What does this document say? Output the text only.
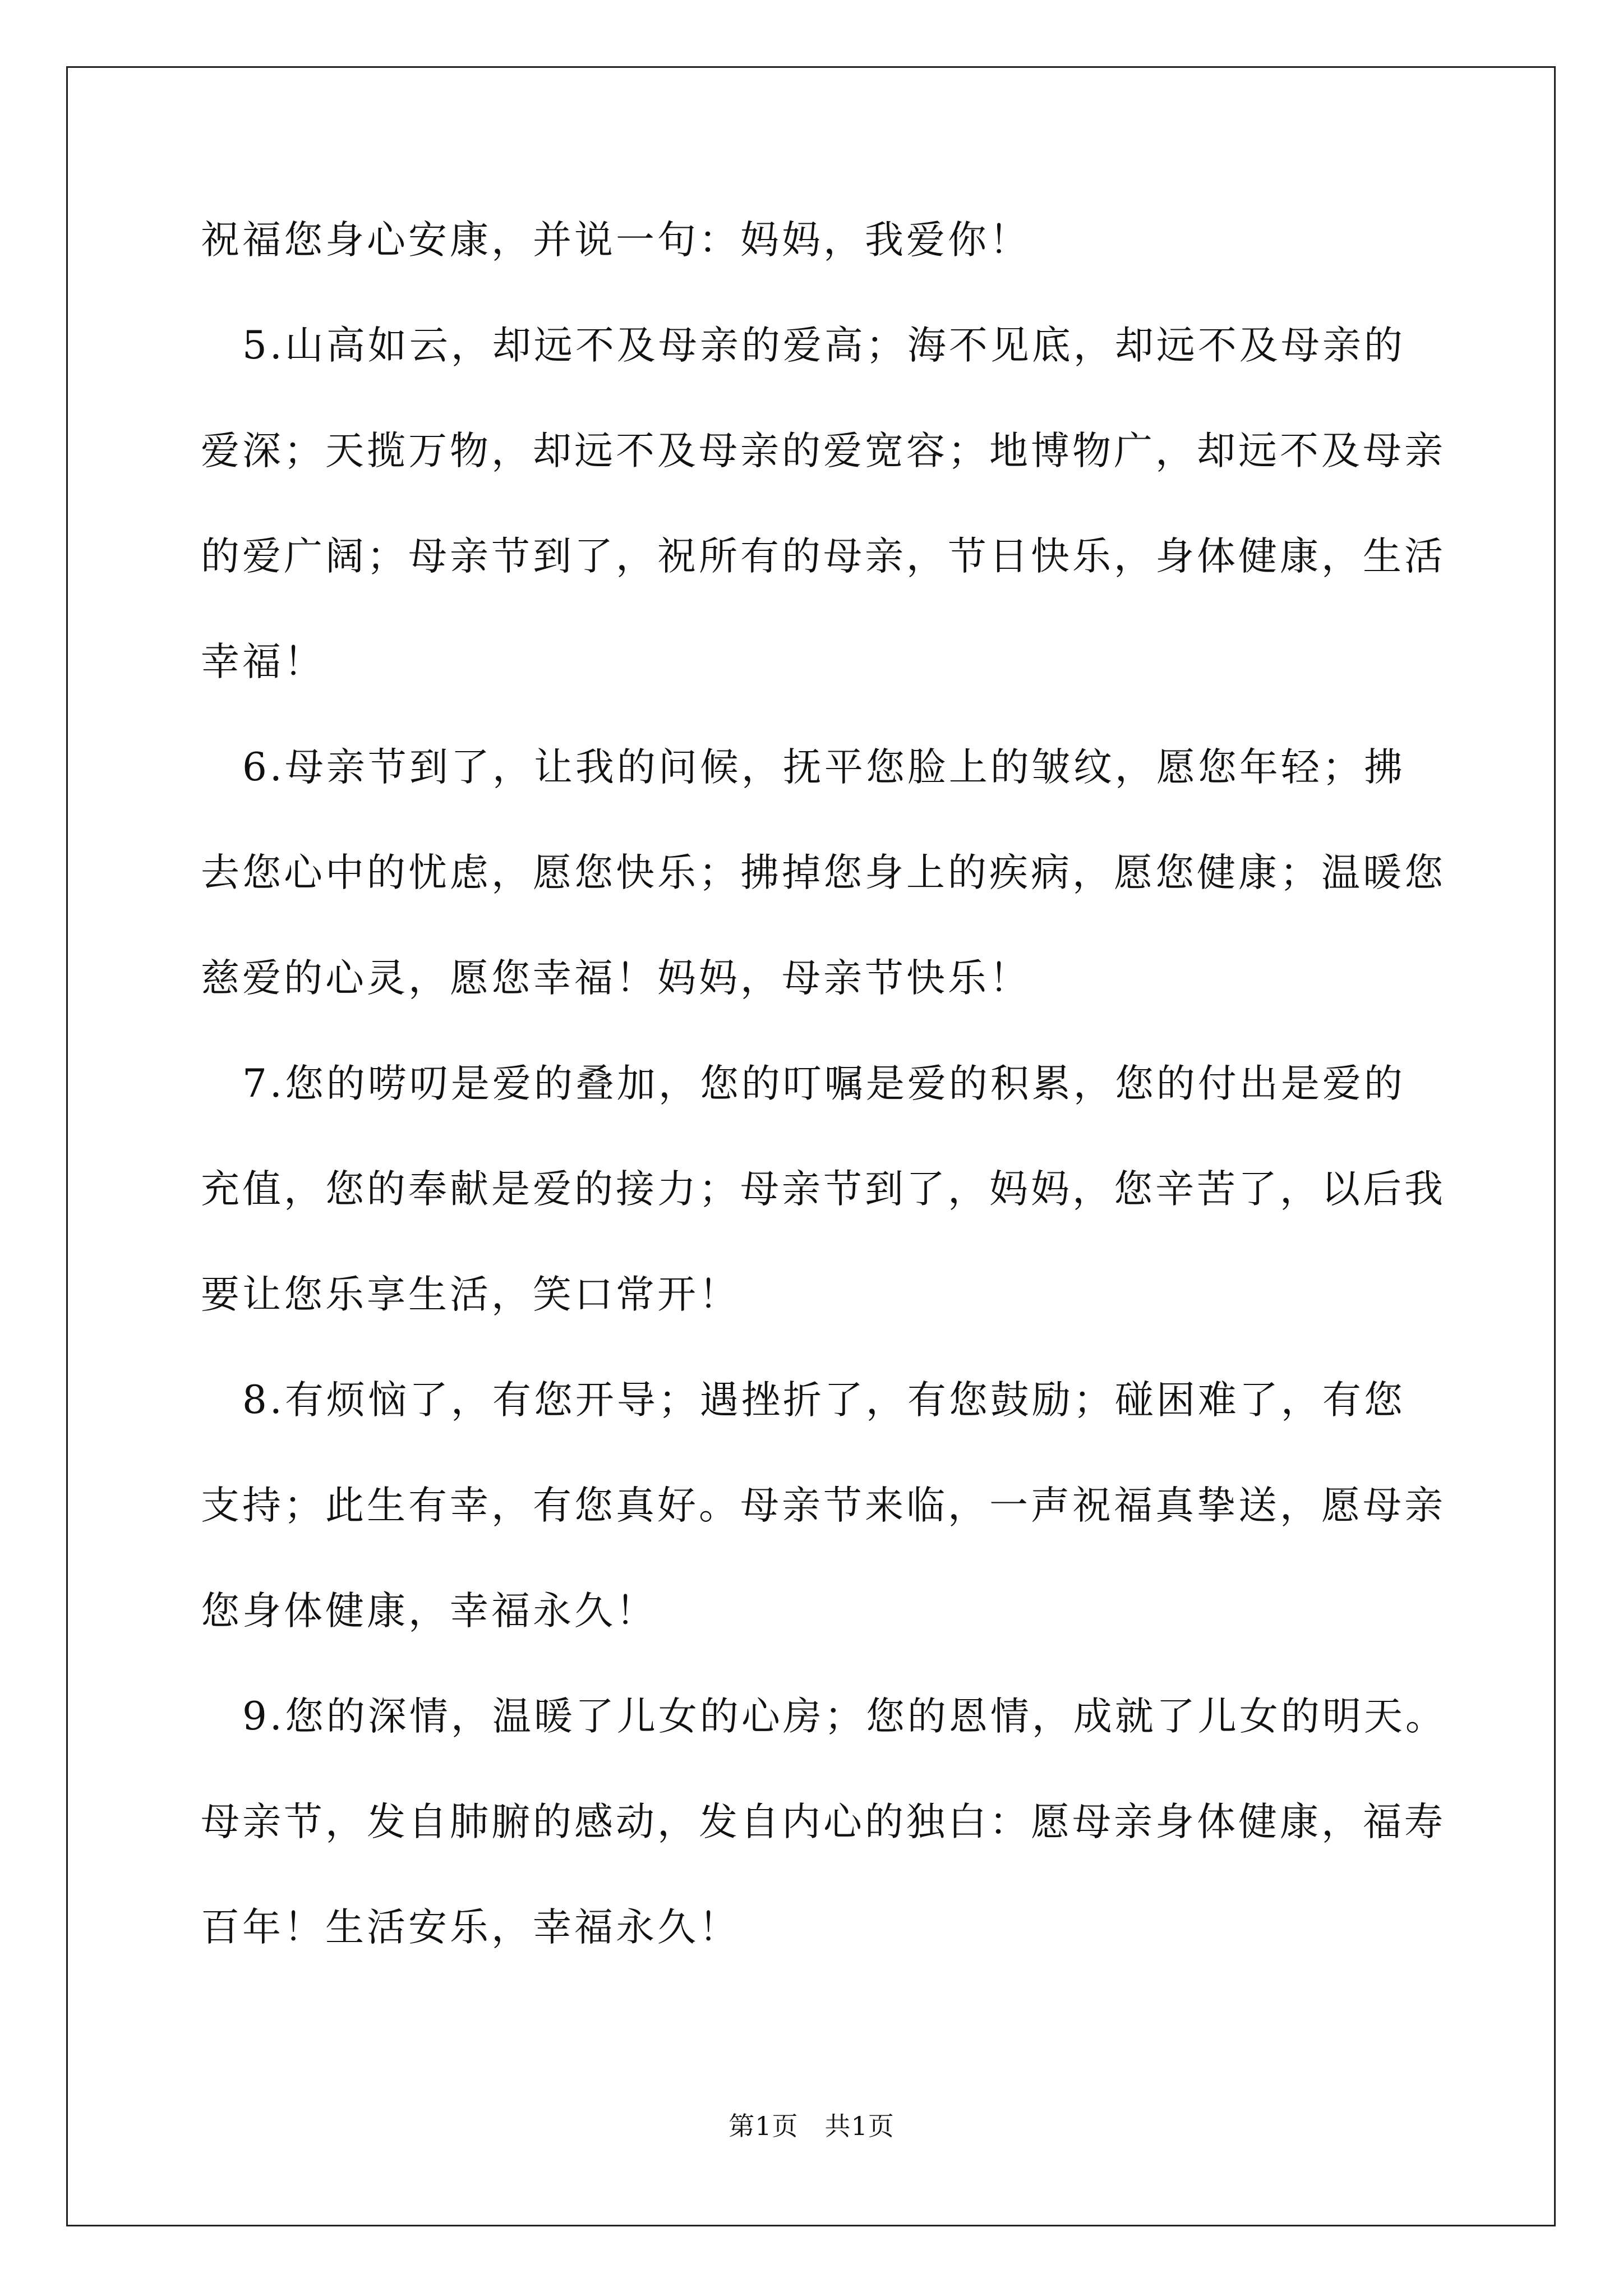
祝福您身心安康，并说一句：妈妈，我爱你！
　5.山高如云，却远不及母亲的爱高；海不见底，却远不及母亲的
爱深；天揽万物，却远不及母亲的爱宽容；地博物广，却远不及母亲
的爱广阔；母亲节到了，祝所有的母亲，节日快乐，身体健康，生活
幸福！
　6.母亲节到了，让我的问候，抚平您脸上的皱纹，愿您年轻；拂
去您心中的忧虑，愿您快乐；拂掉您身上的疾病，愿您健康；温暖您
慈爱的心灵，愿您幸福！妈妈，母亲节快乐！
　7.您的唠叨是爱的叠加，您的叮嘱是爱的积累，您的付出是爱的
充值，您的奉献是爱的接力；母亲节到了，妈妈，您辛苦了，以后我
要让您乐享生活，笑口常开！
　8.有烦恼了，有您开导；遇挫折了，有您鼓励；碰困难了，有您
支持；此生有幸，有您真好。母亲节来临，一声祝福真挚送，愿母亲
您身体健康，幸福永久！
　9.您的深情，温暖了儿女的心房；您的恩情，成就了儿女的明天。
母亲节，发自肺腑的感动，发自内心的独白：愿母亲身体健康，福寿
百年！生活安乐，幸福永久！
第1页　共1页
